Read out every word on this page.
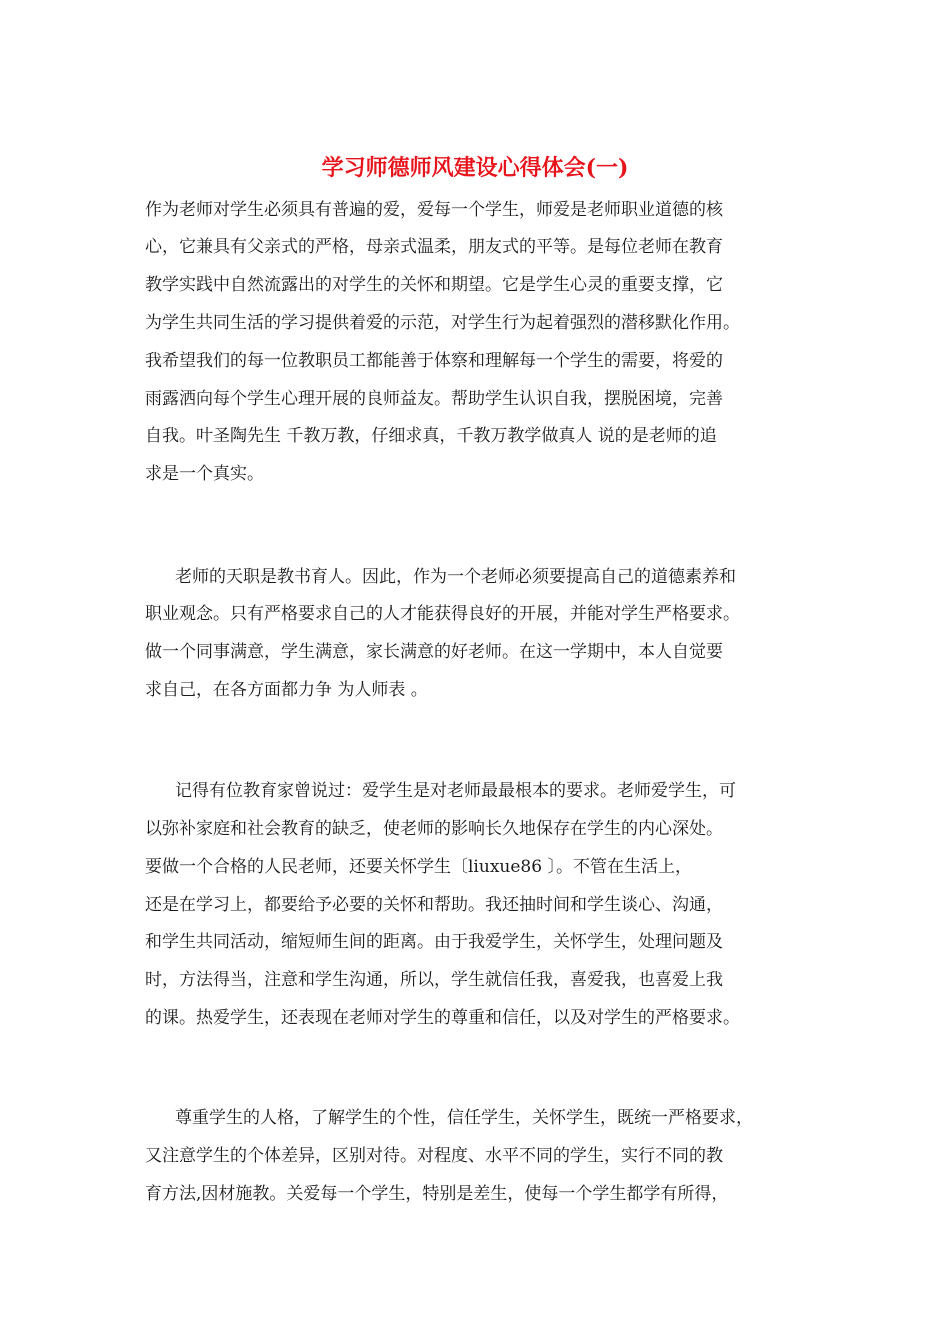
学习师德师风建设心得体会(一)
作为老师对学生必须具有普遍的爱，爱每一个学生，师爱是老师职业道德的核
心，它兼具有父亲式的严格，母亲式温柔，朋友式的平等。是每位老师在教育
教学实践中自然流露出的对学生的关怀和期望。它是学生心灵的重要支撑，它
为学生共同生活的学习提供着爱的示范，对学生行为起着强烈的潜移默化作用。
我希望我们的每一位教职员工都能善于体察和理解每一个学生的需要，将爱的
雨露洒向每个学生心理开展的良师益友。帮助学生认识自我，摆脱困境，完善
自我。叶圣陶先生 千教万教，仔细求真，千教万教学做真人 说的是老师的追
求是一个真实。
老师的天职是教书育人。因此，作为一个老师必须要提高自己的道德素养和
职业观念。只有严格要求自己的人才能获得良好的开展，并能对学生严格要求。
做一个同事满意，学生满意，家长满意的好老师。在这一学期中，本人自觉要
求自己，在各方面都力争 为人师表 。
记得有位教育家曾说过：爱学生是对老师最最根本的要求。老师爱学生，可
以弥补家庭和社会教育的缺乏，使老师的影响长久地保存在学生的内心深处。
要做一个合格的人民老师，还要关怀学生〔liuxue86 〕。不管在生活上，
还是在学习上，都要给予必要的关怀和帮助。我还抽时间和学生谈心、沟通，
和学生共同活动，缩短师生间的距离。由于我爱学生，关怀学生，处理问题及
时，方法得当，注意和学生沟通，所以，学生就信任我，喜爱我，也喜爱上我
的课。热爱学生，还表现在老师对学生的尊重和信任，以及对学生的严格要求。
尊重学生的人格，了解学生的个性，信任学生，关怀学生，既统一严格要求，
又注意学生的个体差异，区别对待。对程度、水平不同的学生，实行不同的教
育方法,因材施教。关爱每一个学生，特别是差生，使每一个学生都学有所得，
